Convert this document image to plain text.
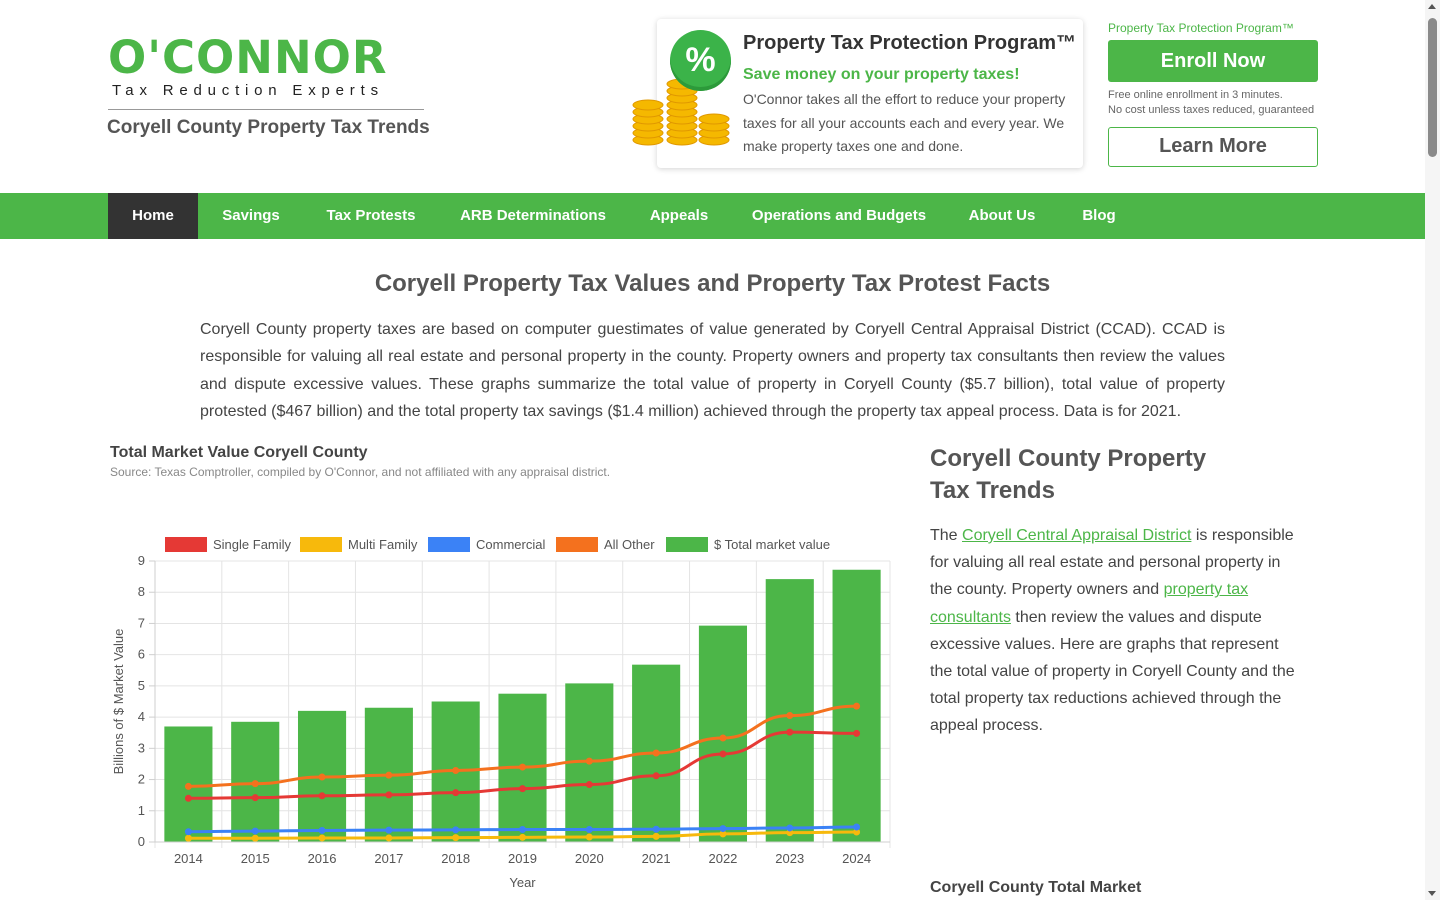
O'CONNOR
Tax Reduction Experts
Coryell County Property Tax Trends
%	Property Tax Protection Program™
Save money on your property taxes!
O'Connor takes all the effort to reduce your property taxes for all your accounts each and every year. We make property taxes one and done.
Property Tax Protection Program™
Enroll Now
Free online enrollment in 3 minutes.
No cost unless taxes reduced, guaranteed
Learn More
Home	Savings	Tax Protests	ARB Determinations	Appeals	Operations and Budgets	About Us	Blog
Coryell Property Tax Values and Property Tax Protest Facts

Coryell County property taxes are based on computer guestimates of value generated by Coryell Central Appraisal District (CCAD). CCAD is responsible for valuing all real estate and personal property in the county. Property owners and property tax consultants then review the values and dispute excessive values. These graphs summarize the total value of property in Coryell County ($5.7 billion), total value of property protested ($467 billion) and the total property tax savings ($1.4 million) achieved through the property tax appeal process. Data is for 2021.

Total Market Value Coryell County
Source: Texas Comptroller, compiled by O'Connor, and not affiliated with any appraisal district.
Single Family	Multi Family	Commercial	All Other	$ Total market value
0
1
2
3
4
5
6
7
8
9
2014	2015	2016	2017	2018	2019	2020	2021	2022	2023	2024
Year
Billions of $ Market Value
Coryell County Property Tax Trends

The Coryell Central Appraisal District is responsible for valuing all real estate and personal property in the county. Property owners and property tax consultants then review the values and dispute excessive values. Here are graphs that represent the total value of property in Coryell County and the total property tax reductions achieved through the appeal process.

Coryell County Total Market
